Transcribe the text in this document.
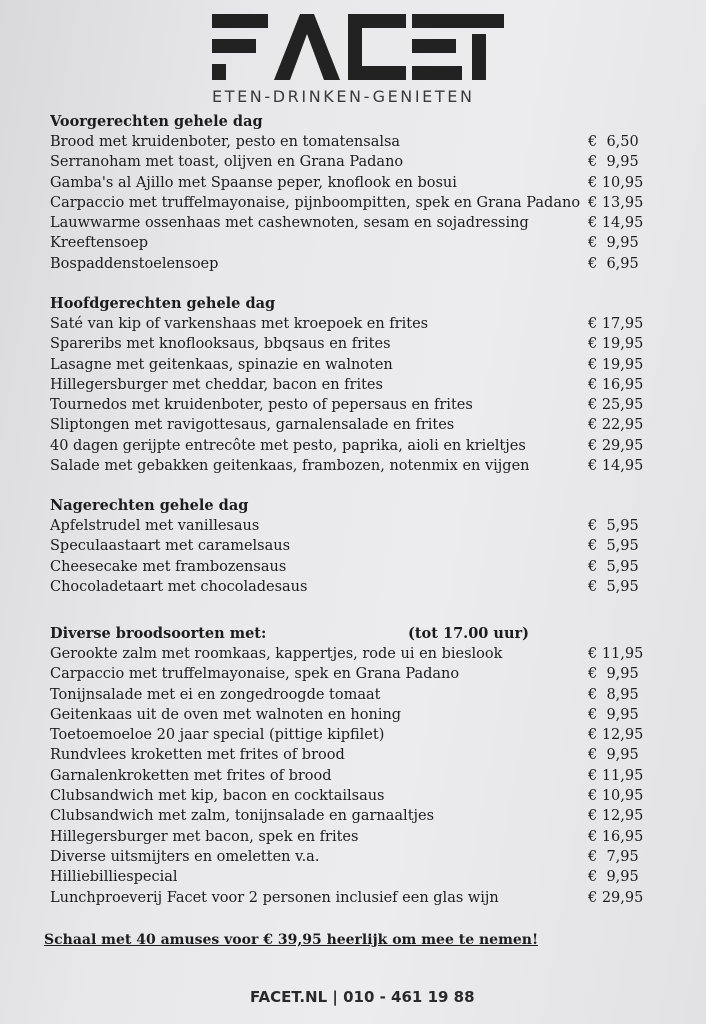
ETEN-DRINKEN-GENIETEN
Voorgerechten gehele dag
Brood met kruidenboter, pesto en tomatensalsa	€  6,50
Serranoham met toast, olijven en Grana Padano	€  9,95
Gamba's al Ajillo met Spaanse peper, knoflook en bosui	€ 10,95
Carpaccio met truffelmayonaise, pijnboompitten, spek en Grana Padano € 13,95
Lauwwarme ossenhaas met cashewnoten, sesam en sojadressing	€ 14,95
Kreeftensoep	€  9,95
Bospaddenstoelensoep	€  6,95
Hoofdgerechten gehele dag
Saté van kip of varkenshaas met kroepoek en frites	€ 17,95
Spareribs met knoflooksaus, bbqsaus en frites	€ 19,95
Lasagne met geitenkaas, spinazie en walnoten	€ 19,95
Hillegersburger met cheddar, bacon en frites	€ 16,95
Tournedos met kruidenboter, pesto of pepersaus en frites	€ 25,95
Sliptongen met ravigottesaus, garnalensalade en frites	€ 22,95
40 dagen gerijpte entrecôte met pesto, paprika, aioli en krieltjes	€ 29,95
Salade met gebakken geitenkaas, frambozen, notenmix en vijgen	€ 14,95
Nagerechten gehele dag
Apfelstrudel met vanillesaus	€  5,95
Speculaastaart met caramelsaus	€  5,95
Cheesecake met frambozensaus	€  5,95
Chocoladetaart met chocoladesaus	€  5,95
Diverse broodsoorten met:	(tot 17.00 uur)
Gerookte zalm met roomkaas, kappertjes, rode ui en bieslook	€ 11,95
Carpaccio met truffelmayonaise, spek en Grana Padano	€  9,95
Tonijnsalade met ei en zongedroogde tomaat	€  8,95
Geitenkaas uit de oven met walnoten en honing	€  9,95
Toetoemoeloe 20 jaar special (pittige kipfilet)	€ 12,95
Rundvlees kroketten met frites of brood	€  9,95
Garnalenkroketten met frites of brood	€ 11,95
Clubsandwich met kip, bacon en cocktailsaus	€ 10,95
Clubsandwich met zalm, tonijnsalade en garnaaltjes	€ 12,95
Hillegersburger met bacon, spek en frites	€ 16,95
Diverse uitsmijters en omeletten v.a.	€  7,95
Hilliebilliespecial	€  9,95
Lunchproeverij Facet voor 2 personen inclusief een glas wijn	€ 29,95
Schaal met 40 amuses voor € 39,95 heerlijk om mee te nemen!
FACET.NL | 010 - 461 19 88
